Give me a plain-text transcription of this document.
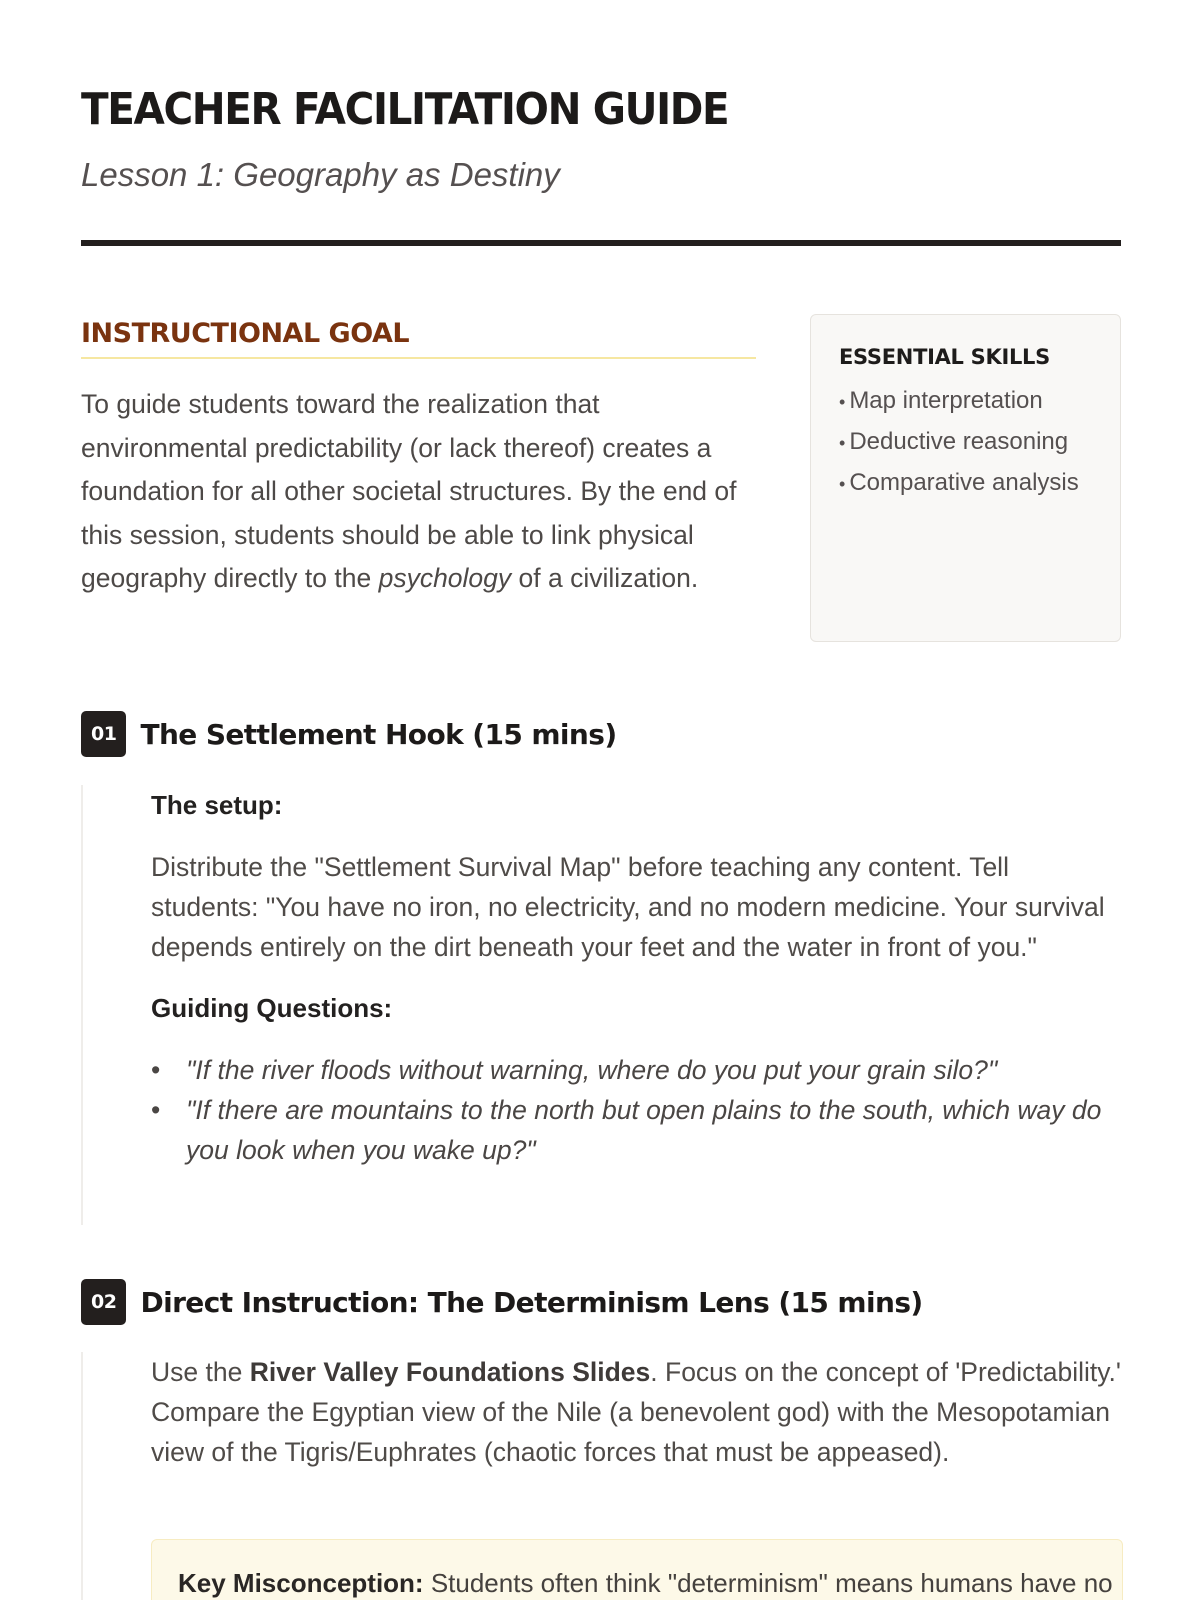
TEACHER FACILITATION GUIDE
Lesson 1: Geography as Destiny
INSTRUCTIONAL GOAL

To guide students toward the realization that environmental predictability (or lack thereof) creates a foundation for all other societal structures. By the end of this session, students should be able to link physical geography directly to the psychology of a civilization.

ESSENTIAL SKILLS
• Map interpretation
• Deductive reasoning
• Comparative analysis
01 The Settlement Hook (15 mins)
The setup:

Distribute the "Settlement Survival Map" before teaching any content. Tell students: "You have no iron, no electricity, and no modern medicine. Your survival depends entirely on the dirt beneath your feet and the water in front of you."

Guiding Questions:
• "If the river floods without warning, where do you put your grain silo?"
• "If there are mountains to the north but open plains to the south, which way do you look when you wake up?"
02 Direct Instruction: The Determinism Lens (15 mins)

Use the River Valley Foundations Slides. Focus on the concept of 'Predictability.' Compare the Egyptian view of the Nile (a benevolent god) with the Mesopotamian view of the Tigris/Euphrates (chaotic forces that must be appeased).

Key Misconception: Students often think "determinism" means humans have no
